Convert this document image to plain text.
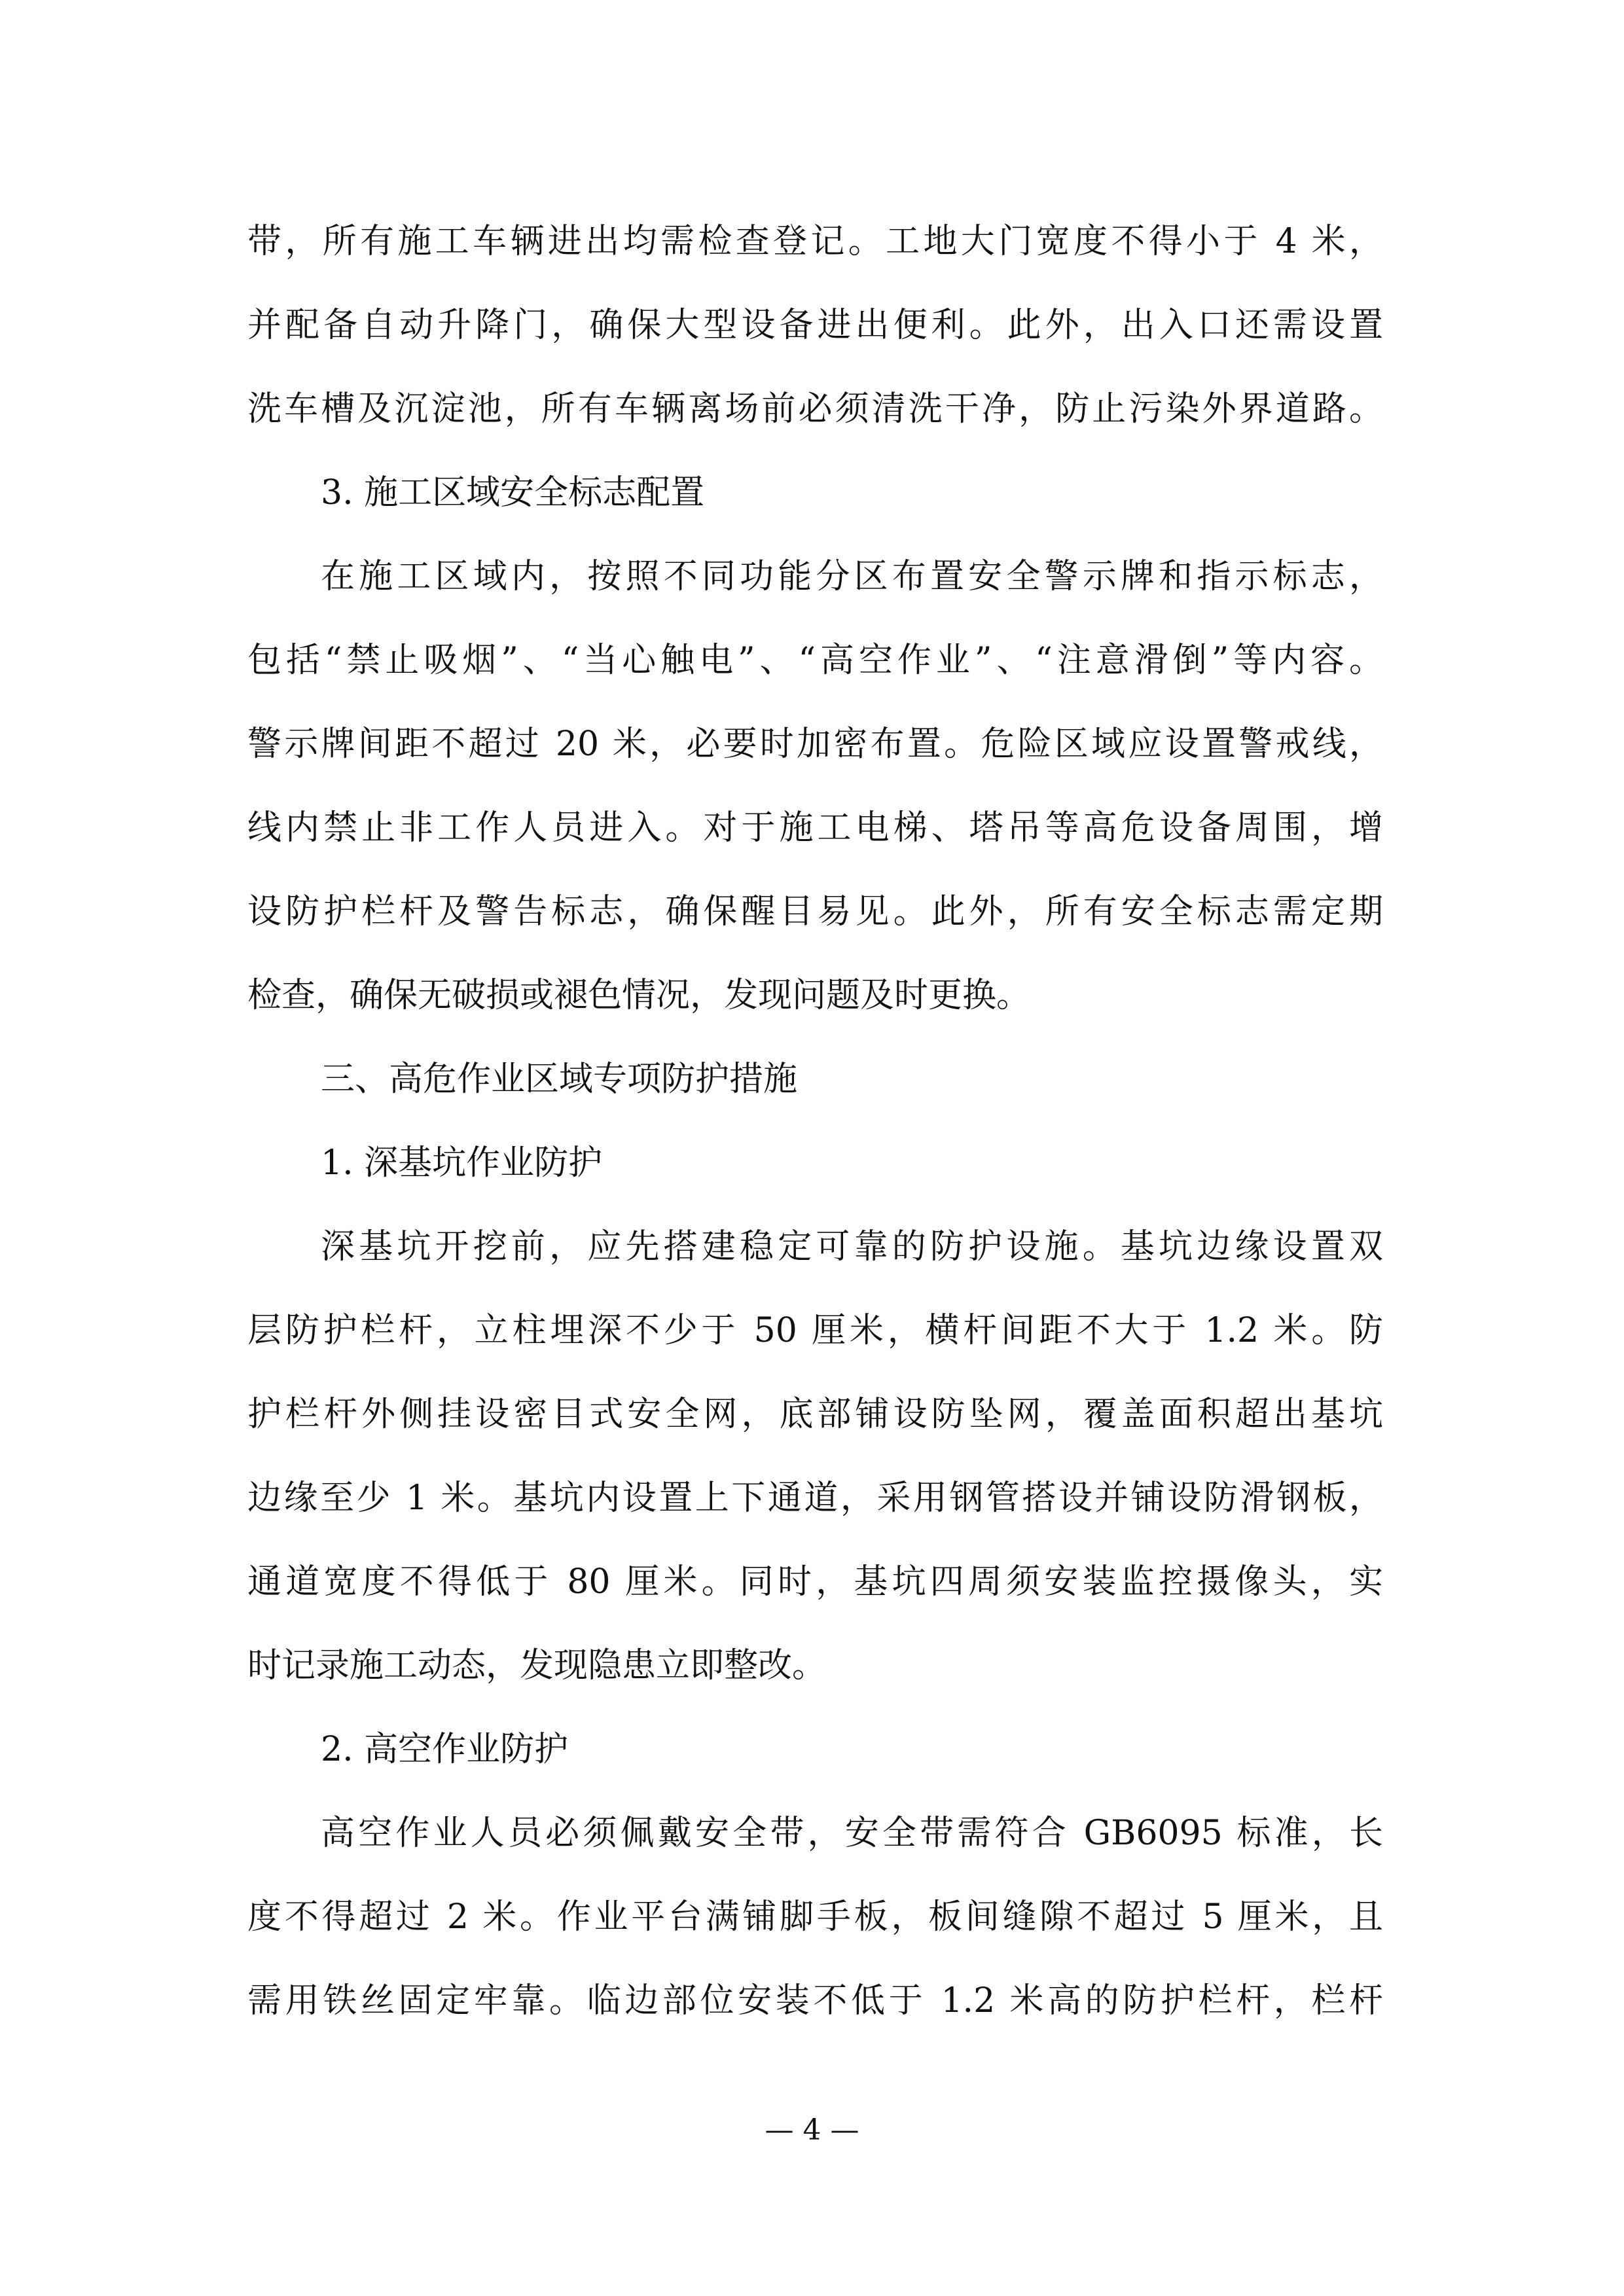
带，所有施工车辆进出均需检查登记。工地大门宽度不得小于 4 米，
并配备自动升降门，确保大型设备进出便利。此外，出入口还需设置
洗车槽及沉淀池，所有车辆离场前必须清洗干净，防止污染外界道路。
3. 施工区域安全标志配置
在施工区域内，按照不同功能分区布置安全警示牌和指示标志，
包括“禁止吸烟”、“当心触电”、“高空作业”、“注意滑倒”等内容。
警示牌间距不超过 20 米，必要时加密布置。危险区域应设置警戒线，
线内禁止非工作人员进入。对于施工电梯、塔吊等高危设备周围，增
设防护栏杆及警告标志，确保醒目易见。此外，所有安全标志需定期
检查，确保无破损或褪色情况，发现问题及时更换。
三、高危作业区域专项防护措施
1. 深基坑作业防护
深基坑开挖前，应先搭建稳定可靠的防护设施。基坑边缘设置双
层防护栏杆，立柱埋深不少于 50 厘米，横杆间距不大于 1.2 米。防
护栏杆外侧挂设密目式安全网，底部铺设防坠网，覆盖面积超出基坑
边缘至少 1 米。基坑内设置上下通道，采用钢管搭设并铺设防滑钢板，
通道宽度不得低于 80 厘米。同时，基坑四周须安装监控摄像头，实
时记录施工动态，发现隐患立即整改。
2. 高空作业防护
高空作业人员必须佩戴安全带，安全带需符合 GB6095 标准，长
度不得超过 2 米。作业平台满铺脚手板，板间缝隙不超过 5 厘米，且
需用铁丝固定牢靠。临边部位安装不低于 1.2 米高的防护栏杆，栏杆
— 4 —
